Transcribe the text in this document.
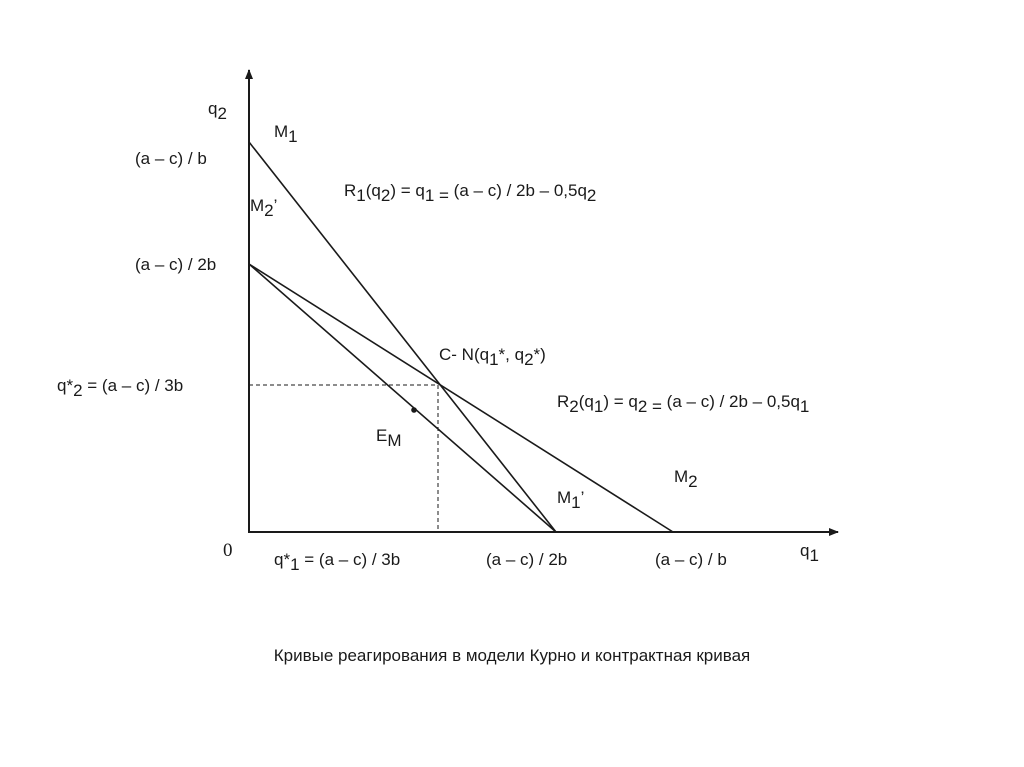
q2
q1
0
(a – c) / b
(a – c) / 2b
q*2 = (a – c) / 3b
q*1 = (a – c) / 3b	(a – c) / 2b	(a – c) / b
M1
M2’
M1’
M2
EM
R1(q2) = q1 = (a – c) / 2b – 0,5q2
R2(q1) = q2 = (a – c) / 2b – 0,5q1
C- N(q1*, q2*)
Кривые реагирования в модели Курно и контрактная кривая
